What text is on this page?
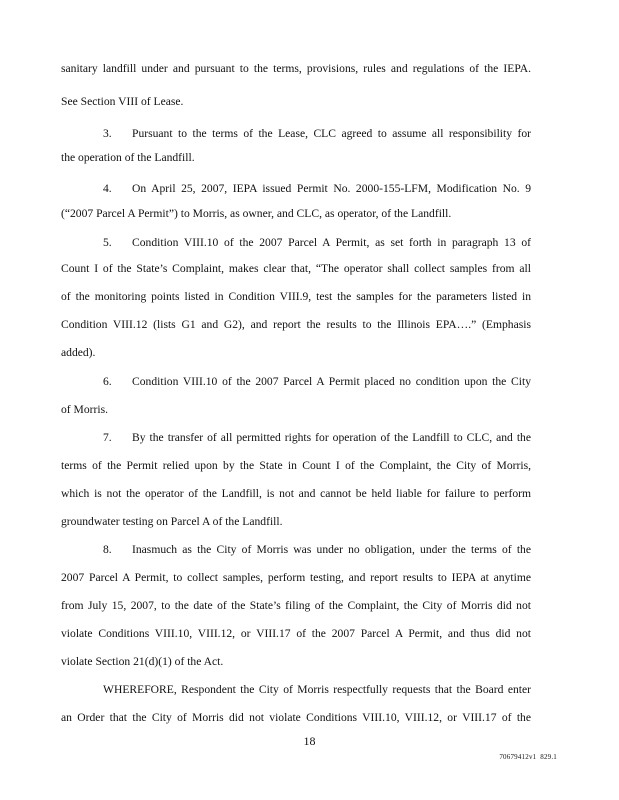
sanitary landfill under and pursuant to the terms, provisions, rules and regulations of the IEPA.
See Section VIII of Lease.
3. Pursuant to the terms of the Lease, CLC agreed to assume all responsibility for
the operation of the Landfill.
4. On April 25, 2007, IEPA issued Permit No. 2000-155-LFM, Modification No. 9
(“2007 Parcel A Permit”) to Morris, as owner, and CLC, as operator, of the Landfill.
5. Condition VIII.10 of the 2007 Parcel A Permit, as set forth in paragraph 13 of
Count I of the State’s Complaint, makes clear that, “The operator shall collect samples from all
of the monitoring points listed in Condition VIII.9, test the samples for the parameters listed in
Condition VIII.12 (lists G1 and G2), and report the results to the Illinois EPA….” (Emphasis
added).
6. Condition VIII.10 of the 2007 Parcel A Permit placed no condition upon the City
of Morris.
7. By the transfer of all permitted rights for operation of the Landfill to CLC, and the
terms of the Permit relied upon by the State in Count I of the Complaint, the City of Morris,
which is not the operator of the Landfill, is not and cannot be held liable for failure to perform
groundwater testing on Parcel A of the Landfill.
8. Inasmuch as the City of Morris was under no obligation, under the terms of the
2007 Parcel A Permit, to collect samples, perform testing, and report results to IEPA at anytime
from July 15, 2007, to the date of the State’s filing of the Complaint, the City of Morris did not
violate Conditions VIII.10, VIII.12, or VIII.17 of the 2007 Parcel A Permit, and thus did not
violate Section 21(d)(1) of the Act.
WHEREFORE, Respondent the City of Morris respectfully requests that the Board enter
an Order that the City of Morris did not violate Conditions VIII.10, VIII.12, or VIII.17 of the
18
70679412v1  829.1
